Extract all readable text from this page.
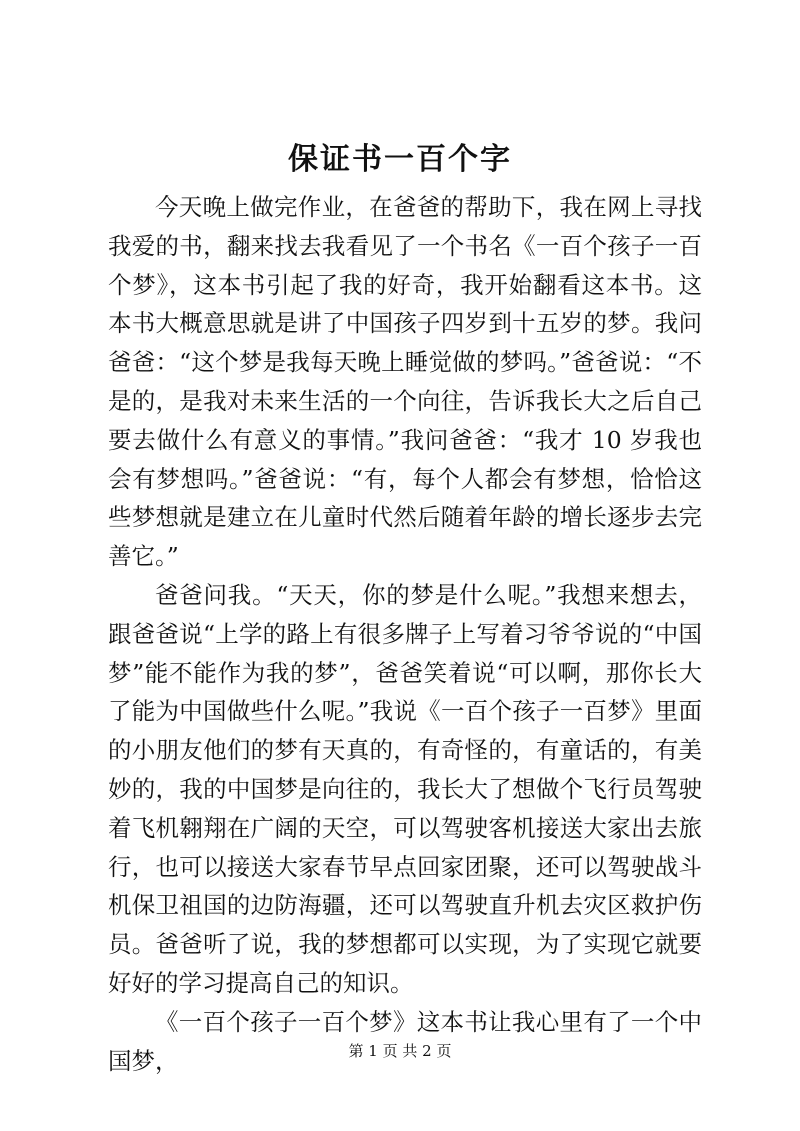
保证书一百个字

今天晚上做完作业，在爸爸的帮助下，我在网上寻找我爱的书，翻来找去我看见了一个书名《一百个孩子一百个梦》，这本书引起了我的好奇，我开始翻看这本书。这本书大概意思就是讲了中国孩子四岁到十五岁的梦。我问爸爸：“这个梦是我每天晚上睡觉做的梦吗。”爸爸说：“不是的，是我对未来生活的一个向往，告诉我长大之后自己要去做什么有意义的事情。”我问爸爸：“我才 10 岁我也会有梦想吗。”爸爸说：“有，每个人都会有梦想，恰恰这些梦想就是建立在儿童时代然后随着年龄的增长逐步去完善它。”

爸爸问我。“天天，你的梦是什么呢。”我想来想去，跟爸爸说“上学的路上有很多牌子上写着习爷爷说的“中国梦”能不能作为我的梦”，爸爸笑着说“可以啊，那你长大了能为中国做些什么呢。”我说《一百个孩子一百梦》里面的小朋友他们的梦有天真的，有奇怪的，有童话的，有美妙的，我的中国梦是向往的，我长大了想做个飞行员驾驶着飞机翱翔在广阔的天空，可以驾驶客机接送大家出去旅行，也可以接送大家春节早点回家团聚，还可以驾驶战斗机保卫祖国的边防海疆，还可以驾驶直升机去灾区救护伤员。爸爸听了说，我的梦想都可以实现，为了实现它就要好好的学习提高自己的知识。

《一百个孩子一百个梦》这本书让我心里有了一个中国梦，	第 1 页 共 2 页
